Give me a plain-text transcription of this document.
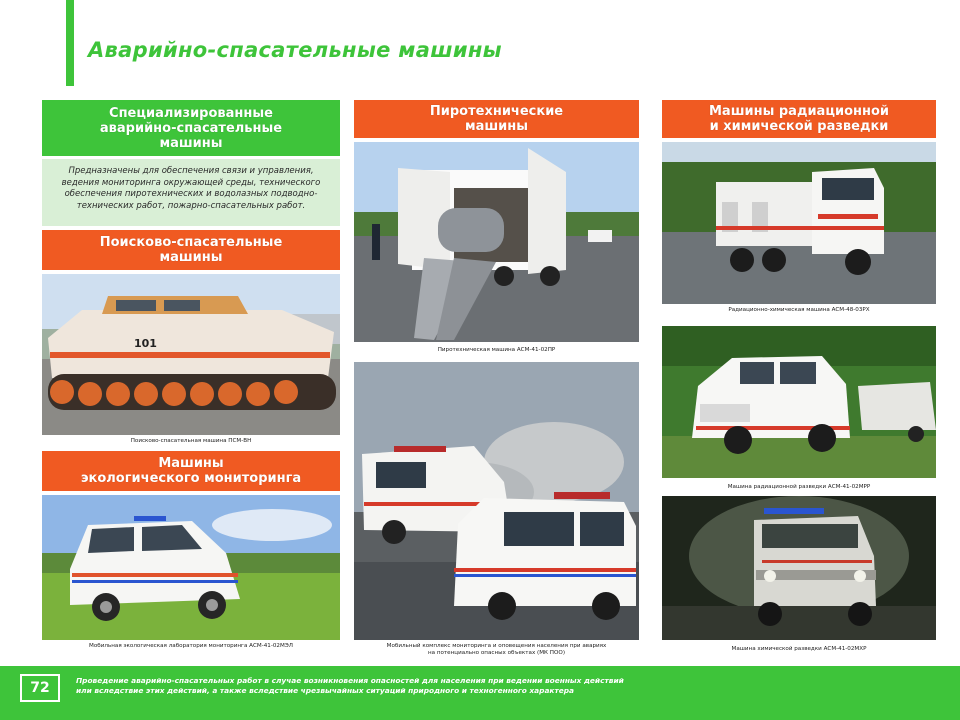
Аварийно-спасательные машины
Специализированные
аварийно-спасательные
машины
Предназначены для обеспечения связи и управления, ведения мониторинга окружающей среды, технического обеспечения пиротехнических и водолазных подводно-технических работ, пожарно-спасательных работ.
Поисково-спасательные
машины
101
Поисково-спасательная машина ПСМ-ВН
Машины
экологического мониторинга
Мобильная экологическая лаборатория мониторинга АСМ-41-02МЭЛ
Пиротехнические
машины
Пиротехническая машина АСМ-41-02ПР
Мобильный комплекс мониторинга и оповещения населения при авариях
на потенциально опасных объектах (МК ПОО)
Машины радиационной
и химической разведки
Радиационно-химическая машина АСМ-48-03РХ
Машина радиационной разведки АСМ-41-02МРР
Машина химической разведки АСМ-41-02МХР
72	Проведение аварийно-спасательных работ в случае возникновения опасностей для населения при ведении военных действий или вследствие этих действий, а также вследствие чрезвычайных ситуаций природного и техногенного характера
